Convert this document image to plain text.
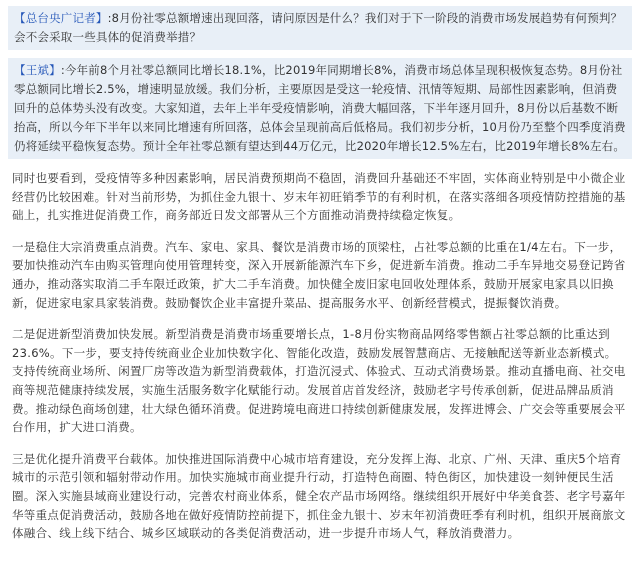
【总台央广记者】:8月份社零总额增速出现回落，请问原因是什么？我们对于下一阶段的消费市场发展趋势有何预判？会不会采取一些具体的促消费举措？
【王斌】:今年前8个月社零总额同比增长18.1%，比2019年同期增长8%，消费市场总体呈现积极恢复态势。8月份社零总额同比增长2.5%，增速明显放缓。我们分析，主要原因是受这一轮疫情、汛情等短期、局部性因素影响，但消费回升的总体势头没有改变。大家知道，去年上半年受疫情影响，消费大幅回落，下半年逐月回升，8月份以后基数不断抬高，所以今年下半年以来同比增速有所回落，总体会呈现前高后低格局。我们初步分析，10月份乃至整个四季度消费仍将延续平稳恢复态势。预计全年社零总额有望达到44万亿元，比2020年增长12.5%左右，比2019年增长8%左右。

同时也要看到，受疫情等多种因素影响，居民消费预期尚不稳固，消费回升基础还不牢固，实体商业特别是中小微企业经营仍比较困难。针对当前形势，为抓住金九银十、岁末年初旺销季节的有利时机，在落实落细各项疫情防控措施的基础上，扎实推进促消费工作，商务部近日发文部署从三个方面推动消费持续稳定恢复。

一是稳住大宗消费重点消费。汽车、家电、家具、餐饮是消费市场的顶梁柱，占社零总额的比重在1/4左右。下一步，要加快推动汽车由购买管理向使用管理转变，深入开展新能源汽车下乡，促进新车消费。推动二手车异地交易登记跨省通办，推动落实取消二手车限迁政策，扩大二手车消费。加快健全废旧家电回收处理体系，鼓励开展家电家具以旧换新，促进家电家具家装消费。鼓励餐饮企业丰富提升菜品、提高服务水平、创新经营模式，提振餐饮消费。

二是促进新型消费加快发展。新型消费是消费市场重要增长点，1-8月份实物商品网络零售额占社零总额的比重达到23.6%。下一步，要支持传统商业企业加快数字化、智能化改造，鼓励发展智慧商店、无接触配送等新业态新模式。支持传统商业场所、闲置厂房等改造为新型消费载体，打造沉浸式、体验式、互动式消费场景。推动直播电商、社交电商等规范健康持续发展，实施生活服务数字化赋能行动。发展首店首发经济，鼓励老字号传承创新，促进品牌品质消费。推动绿色商场创建，壮大绿色循环消费。促进跨境电商进口持续创新健康发展，发挥进博会、广交会等重要展会平台作用，扩大进口消费。

三是优化提升消费平台载体。加快推进国际消费中心城市培育建设，充分发挥上海、北京、广州、天津、重庆5个培育城市的示范引领和辐射带动作用。加快实施城市商业提升行动，打造特色商圈、特色街区，加快建设一刻钟便民生活圈。深入实施县域商业建设行动，完善农村商业体系，健全农产品市场网络。继续组织开展好中华美食荟、老字号嘉年华等重点促消费活动，鼓励各地在做好疫情防控前提下，抓住金九银十、岁末年初消费旺季有利时机，组织开展商旅文体融合、线上线下结合、城乡区域联动的各类促消费活动，进一步提升市场人气，释放消费潜力。
